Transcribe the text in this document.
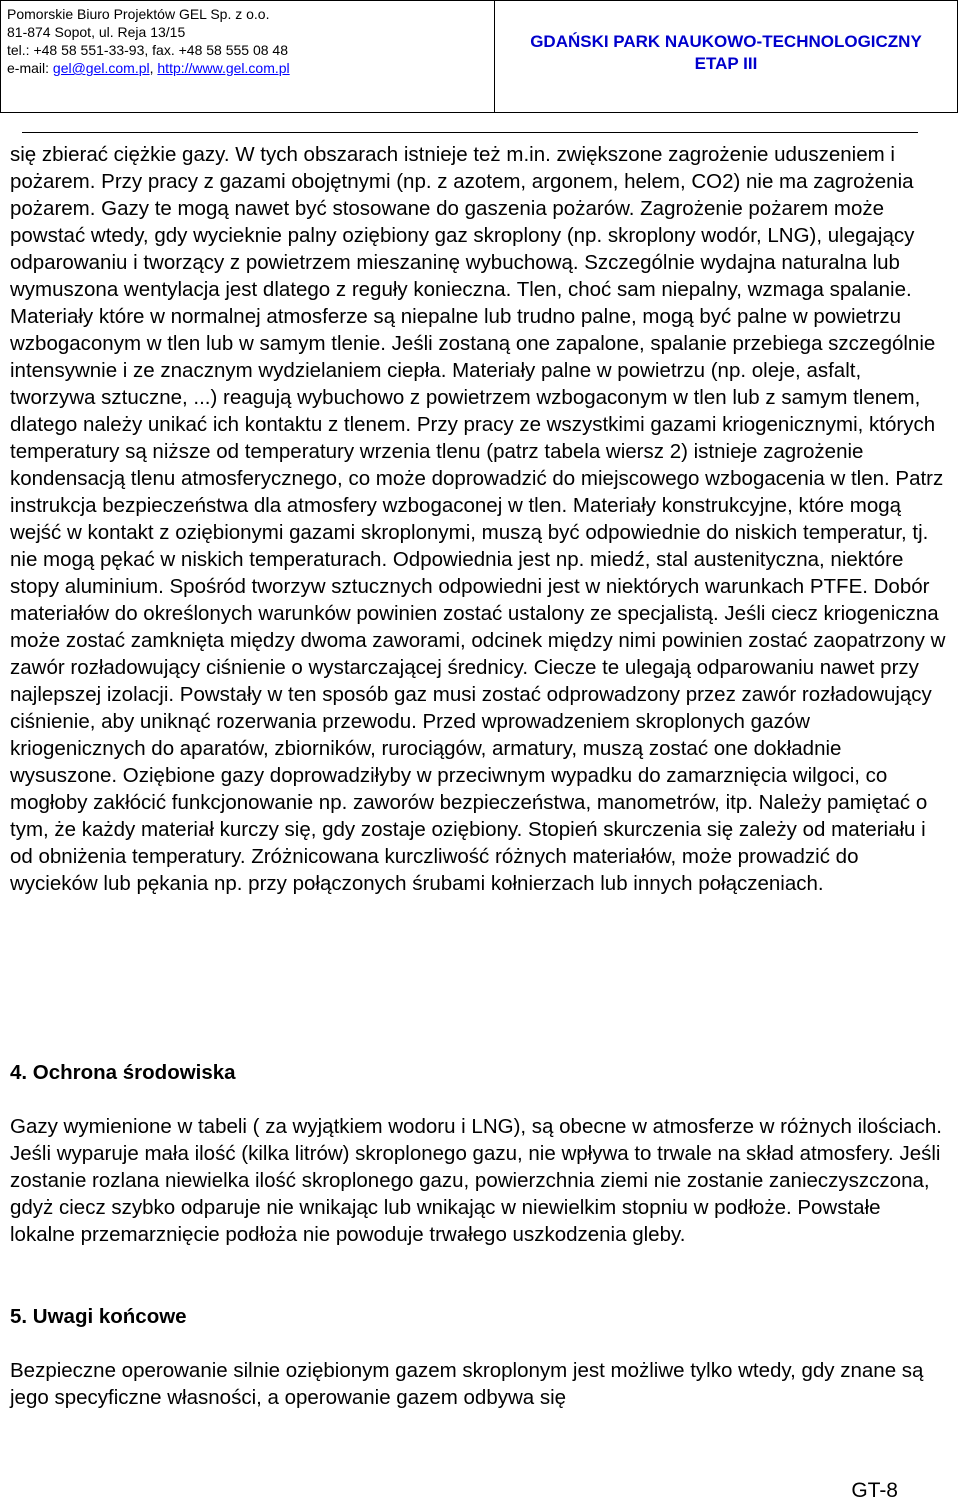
Pomorskie Biuro Projektów GEL Sp. z o.o.
81-874 Sopot, ul. Reja 13/15
tel.: +48 58 551-33-93, fax. +48 58 555 08 48
e-mail: gel@gel.com.pl, http://www.gel.com.pl
GDAŃSKI PARK NAUKOWO-TECHNOLOGICZNY
ETAP III

się zbierać ciężkie gazy. W tych obszarach istnieje też m.in. zwiększone zagrożenie uduszeniem i pożarem. Przy pracy z gazami obojętnymi (np. z azotem, argonem, helem, CO2) nie ma zagrożenia pożarem. Gazy te mogą nawet być stosowane do gaszenia pożarów. Zagrożenie pożarem może powstać wtedy, gdy wycieknie palny oziębiony gaz skroplony (np. skroplony wodór, LNG), ulegający odparowaniu i tworzący z powietrzem mieszaninę wybuchową. Szczególnie wydajna naturalna lub wymuszona wentylacja jest dlatego z reguły konieczna. Tlen, choć sam niepalny, wzmaga spalanie. Materiały które w normalnej atmosferze są niepalne lub trudno palne, mogą być palne w powietrzu wzbogaconym w tlen lub w samym tlenie. Jeśli zostaną one zapalone, spalanie przebiega szczególnie intensywnie i ze znacznym wydzielaniem ciepła. Materiały palne w powietrzu (np. oleje, asfalt, tworzywa sztuczne, ...) reagują wybuchowo z powietrzem wzbogaconym w tlen lub z samym tlenem, dlatego należy unikać ich kontaktu z tlenem. Przy pracy ze wszystkimi gazami kriogenicznymi, których temperatury są niższe od temperatury wrzenia tlenu (patrz tabela wiersz 2) istnieje zagrożenie kondensacją tlenu atmosferycznego, co może doprowadzić do miejscowego wzbogacenia w tlen. Patrz instrukcja bezpieczeństwa dla atmosfery wzbogaconej w tlen. Materiały konstrukcyjne, które mogą wejść w kontakt z oziębionymi gazami skroplonymi, muszą być odpowiednie do niskich temperatur, tj. nie mogą pękać w niskich temperaturach. Odpowiednia jest np. miedź, stal austenityczna, niektóre stopy aluminium. Spośród tworzyw sztucznych odpowiedni jest w niektórych warunkach PTFE. Dobór materiałów do określonych warunków powinien zostać ustalony ze specjalistą. Jeśli ciecz kriogeniczna może zostać zamknięta między dwoma zaworami, odcinek między nimi powinien zostać zaopatrzony w zawór rozładowujący ciśnienie o wystarczającej średnicy. Ciecze te ulegają odparowaniu nawet przy najlepszej izolacji. Powstały w ten sposób gaz musi zostać odprowadzony przez zawór rozładowujący ciśnienie, aby uniknąć rozerwania przewodu. Przed wprowadzeniem skroplonych gazów kriogenicznych do aparatów, zbiorników, rurociągów, armatury, muszą zostać one dokładnie wysuszone. Oziębione gazy doprowadziłyby w przeciwnym wypadku do zamarznięcia wilgoci, co mogłoby zakłócić funkcjonowanie np. zaworów bezpieczeństwa, manometrów, itp. Należy pamiętać o tym, że każdy materiał kurczy się, gdy zostaje oziębiony. Stopień skurczenia się zależy od materiału i od obniżenia temperatury. Zróżnicowana kurczliwość różnych materiałów, może prowadzić do wycieków lub pękania np. przy połączonych śrubami kołnierzach lub innych połączeniach.

4. Ochrona środowiska

Gazy wymienione w tabeli ( za wyjątkiem wodoru i LNG), są obecne w atmosferze w różnych ilościach. Jeśli wyparuje mała ilość (kilka litrów) skroplonego gazu, nie wpływa to trwale na skład atmosfery. Jeśli zostanie rozlana niewielka ilość skroplonego gazu, powierzchnia ziemi nie zostanie zanieczyszczona, gdyż ciecz szybko odparuje nie wnikając lub wnikając w niewielkim stopniu w podłoże. Powstałe lokalne przemarznięcie podłoża nie powoduje trwałego uszkodzenia gleby.

5. Uwagi końcowe

Bezpieczne operowanie silnie oziębionym gazem skroplonym jest możliwe tylko wtedy, gdy znane są jego specyficzne własności, a operowanie gazem odbywa się

GT-8
